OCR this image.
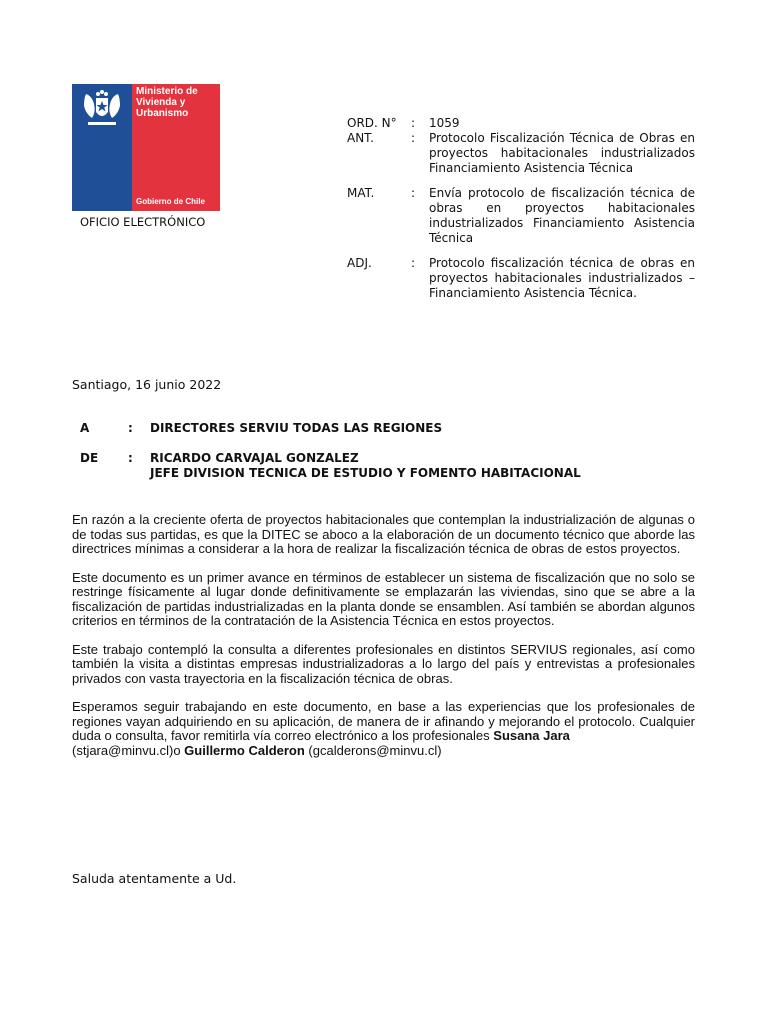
Ministerio de
Vivienda y
Urbanismo
Gobierno de Chile
OFICIO ELECTRÓNICO
ORD. N°	:	1059
ANT.	:	Protocolo Fiscalización Técnica de Obras en proyectos habitacionales industrializados Financiamiento Asistencia Técnica
MAT.	:	Envía protocolo de fiscalización técnica de obras en proyectos habitacionales industrializados Financiamiento Asistencia Técnica
ADJ.	:	Protocolo fiscalización técnica de obras en proyectos habitacionales industrializados – Financiamiento Asistencia Técnica.
Santiago, 16 junio 2022
A	:	DIRECTORES SERVIU TODAS LAS REGIONES
DE	:	RICARDO CARVAJAL GONZALEZ
JEFE DIVISION TECNICA DE ESTUDIO Y FOMENTO HABITACIONAL

En razón a la creciente oferta de proyectos habitacionales que contemplan la industrialización de algunas o de todas sus partidas, es que la DITEC se aboco a la elaboración de un documento técnico que aborde las directrices mínimas a considerar a la hora de realizar la fiscalización técnica de obras de estos proyectos.

Este documento es un primer avance en términos de establecer un sistema de fiscalización que no solo se restringe físicamente al lugar donde definitivamente se emplazarán las viviendas, sino que se abre a la fiscalización de partidas industrializadas en la planta donde se ensamblen. Así también se abordan algunos criterios en términos de la contratación de la Asistencia Técnica en estos proyectos.

Este trabajo contempló la consulta a diferentes profesionales en distintos SERVIUS regionales, así como también la visita a distintas empresas industrializadoras a lo largo del país y entrevistas a profesionales privados con vasta trayectoria en la fiscalización técnica de obras.

Esperamos seguir trabajando en este documento, en base a las experiencias que los profesionales de regiones vayan adquiriendo en su aplicación, de manera de ir afinando y mejorando el protocolo. Cualquier duda o consulta, favor remitirla vía correo electrónico a los profesionales Susana Jara
(stjara@minvu.cl)o Guillermo Calderon (gcalderons@minvu.cl)

Saluda atentamente a Ud.
